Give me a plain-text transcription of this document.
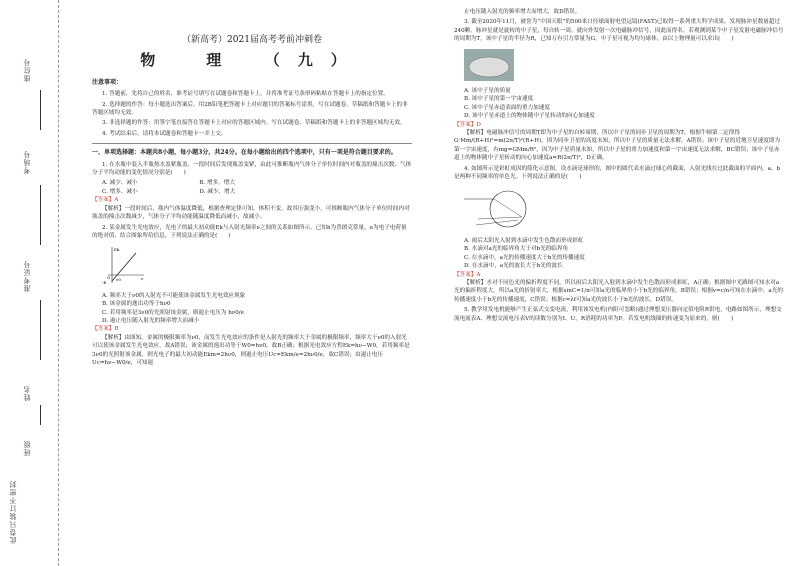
座位号
考场号
准考证号
姓名
班级
此卷只装订不密封
（新高考）2021届高考考前冲刺卷
物　理　（九）
注意事项：

1. 答题前，先将自己的姓名、准考证号填写在试题卷和答题卡上，并将准考证号条形码粘贴在答题卡上的指定位置。

2. 选择题的作答：每小题选出答案后，用2B铅笔把答题卡上对应题目的答案标号涂黑，写在试题卷、草稿纸和答题卡上的非答题区域均无效。

3. 非选择题的作答：用签字笔直接答在答题卡上对应的答题区域内。写在试题卷、草稿纸和答题卡上的非答题区域均无效。

4. 考试结束后，请将本试题卷和答题卡一并上交。

一、单项选择题：本题共8小题，每小题3分，共24分。在每小题给出的四个选项中，只有一项是符合题目要求的。

1. 在水瓶中装入半瓶热水盖紧瓶盖，一段时间后发现瓶盖变紧，由此可推断瓶内气体分子单位时间内对瓶盖的撞击次数、气体分子平均动能的变化情况分别是(　　)

A. 减少、减小	B. 增多，增大
C. 增多、减小	D. 减少、增大
【答案】A

【解析】一段时间后，瓶内气体温度降低，根据查理定律可知，体积不变，故其压强变小。可推断瓶内气体分子单位时间内对瓶盖的撞击次数减少，气体分子平均动能随温度降低而减小，故减小。

2. 某金属发生光电效应，光电子的最大初动能Ek与入射光频率ν之间的关系如图所示。已知h为普朗克常量，e为电子电荷量的绝对值，结合图象所给信息，下列说法正确的是(　　)

Ek
ν
O ν0
-E
A. 频率大于ν0的入射光不可能使该金属发生光电效应现象
B. 该金属的逸出功等于hν0
C. 若用频率是3ν0的光照射该金属，则遏止电压为 hν0/e
D. 遏止电压随入射光的频率增大而减小
【答案】B

【解析】由图知，金属的极限频率为ν0，而发生光电效应的条件是入射光的频率大于金属的极限频率，频率大于ν0的入射光可以使该金属发生光电效应，故A错误；该金属的逸出功等于W0=hν0，故B正确；根据光电效应方程Ek=hν−W0，若用频率是3ν0的光照射该金属，则光电子的最大初动能Ekm=2hν0，则遏止电压Uc=Ekm/e=2hν0/e，故C错误；由遏止电压Uc=hν−W0/e，可知遏

止电压随入射光的频率增大而增大，故D错误。

3. 截至2020年11月，被誉为“中国天眼”的500米口径球面射电望远镜(FAST)已取得一系列重大科学成果，发现脉冲星数量超过240颗。脉冲星就是旋转的中子星，每自转一周，就向外发射一次电磁脉冲信号，因此而得名。若观测到某个中子星发射电磁脉冲信号的周期为T，该中子星的半径为R，已知万有引力常量为G，中子星可视为均匀球体，由以上物理量可以求出(　　)

A. 该中子星的质量
B. 该中子星的第一宇宙速度
C. 该中子星赤道表面的重力加速度
D. 该中子星赤道上的物体随中子星转动的向心加速度
【答案】D

【解析】电磁脉冲信号的周期T即为中子星的自转周期，所以中子星的同步卫星的周期为T，根据牛顿第二定律得G·Mm/(R+H)²=m(2π/T)²(R+H)，因为同步卫星的高度未知，所以中子星的质量无法求解，A错误；该中子星的近地卫星速度即为第一宇宙速度，有mg=GMm/R²，因为中子星质量未知，所以中子星的重力加速度和第一宇宙速度无法求解，BC错误；该中子星赤道上的物体随中子星转动的向心加速度a=R(2π/T)²，D正确。

4. 如图所示是彩虹成因的简化示意图，设水滴是球形的，图中的圆代表水滴过球心的截面，入射光线在过此截面的平面内，a、b是两种不同频率的单色光。下列说法正确的是(　　)

A. 雨后太阳光入射到水滴中发生色散而形成彩虹
B. 水滴对a光的临界角大于对b光的临界角
C. 在水滴中，a光的传播速度大于b光的传播速度
D. 在水滴中，a光的波长大于b光的波长
【答案】A

【解析】水对不同色光的偏折程度不同，所以雨后太阳光入射到水滴中发生色散而形成彩虹，A正确；根据图中光路图可知水对a光的偏折程度大，所以a光的折射率大，根据sinC=1/n可知a光的临界角小于b光的临界角，B错误；根据v=c/n可知在水滴中，a光的传播速度小于b光的传播速度，C错误；根据c=λf可知a光的波长小于b光的波长，D错误。

5. 教学用发电机能够产生正弦式交变电流，利用该发电机(内阻可忽略)通过理想变压器向定值电阻R供电，电路如图所示，理想交流电流表A、理想交流电压表V的读数分别为I、U，R消耗的功率为P。若发电机线圈的转速变为原来的，则(　　)
